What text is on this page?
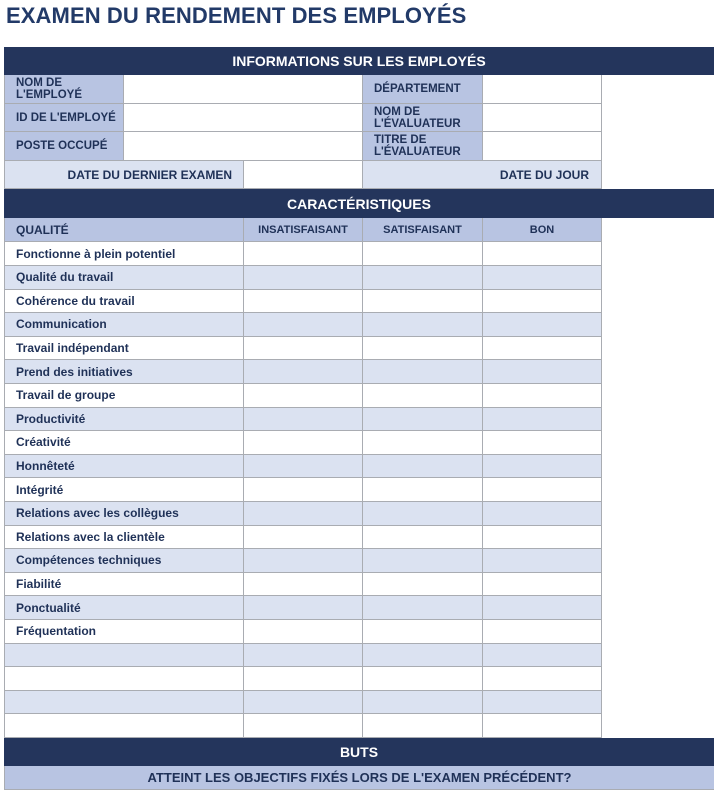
EXAMEN DU RENDEMENT DES EMPLOYÉS
INFORMATIONS SUR LES EMPLOYÉS
NOM DE L'EMPLOYÉ	DÉPARTEMENT
ID DE L'EMPLOYÉ	NOM DE L'ÉVALUATEUR
POSTE OCCUPÉ	TITRE DE L'ÉVALUATEUR
DATE DU DERNIER EXAMEN	DATE DU JOUR
CARACTÉRISTIQUES
QUALITÉ	INSATISFAISANT	SATISFAISANT	BON
Fonctionne à plein potentiel
Qualité du travail
Cohérence du travail
Communication
Travail indépendant
Prend des initiatives
Travail de groupe
Productivité
Créativité
Honnêteté
Intégrité
Relations avec les collègues
Relations avec la clientèle
Compétences techniques
Fiabilité
Ponctualité
Fréquentation
BUTS
ATTEINT LES OBJECTIFS FIXÉS LORS DE L'EXAMEN PRÉCÉDENT?
